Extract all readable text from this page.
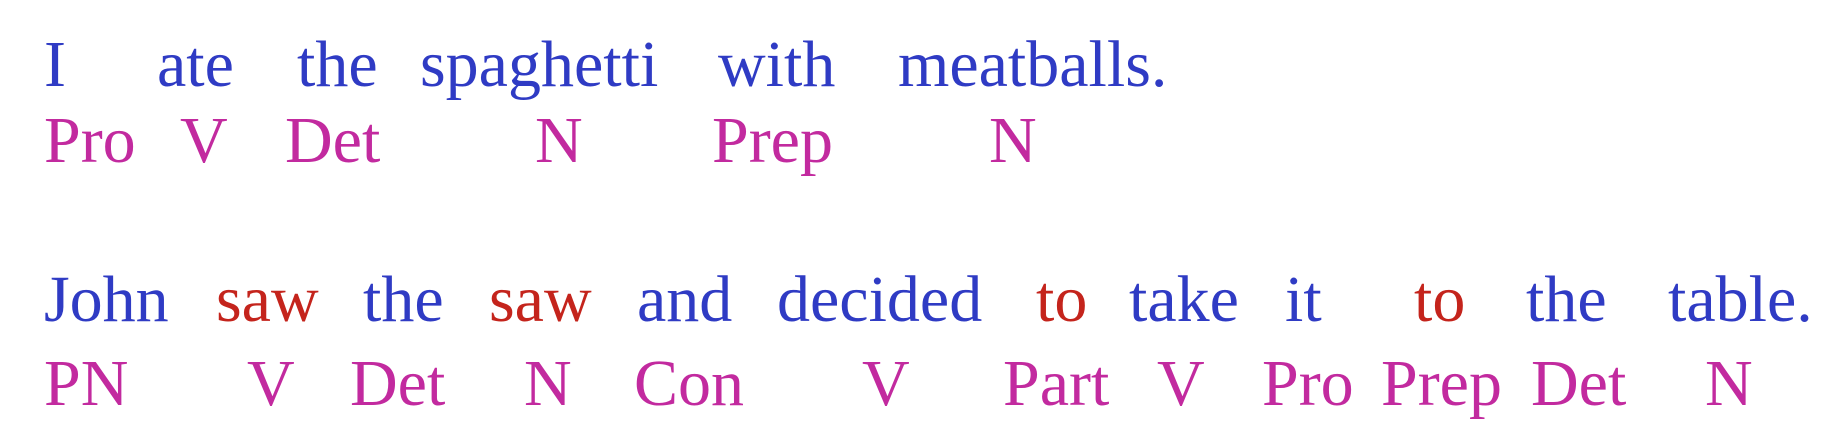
I ate the spaghetti with meatballs.
Pro V Det N Prep N
John saw the saw and decided to take it to the table.
PN V Det N Con V Part V Pro Prep Det N
